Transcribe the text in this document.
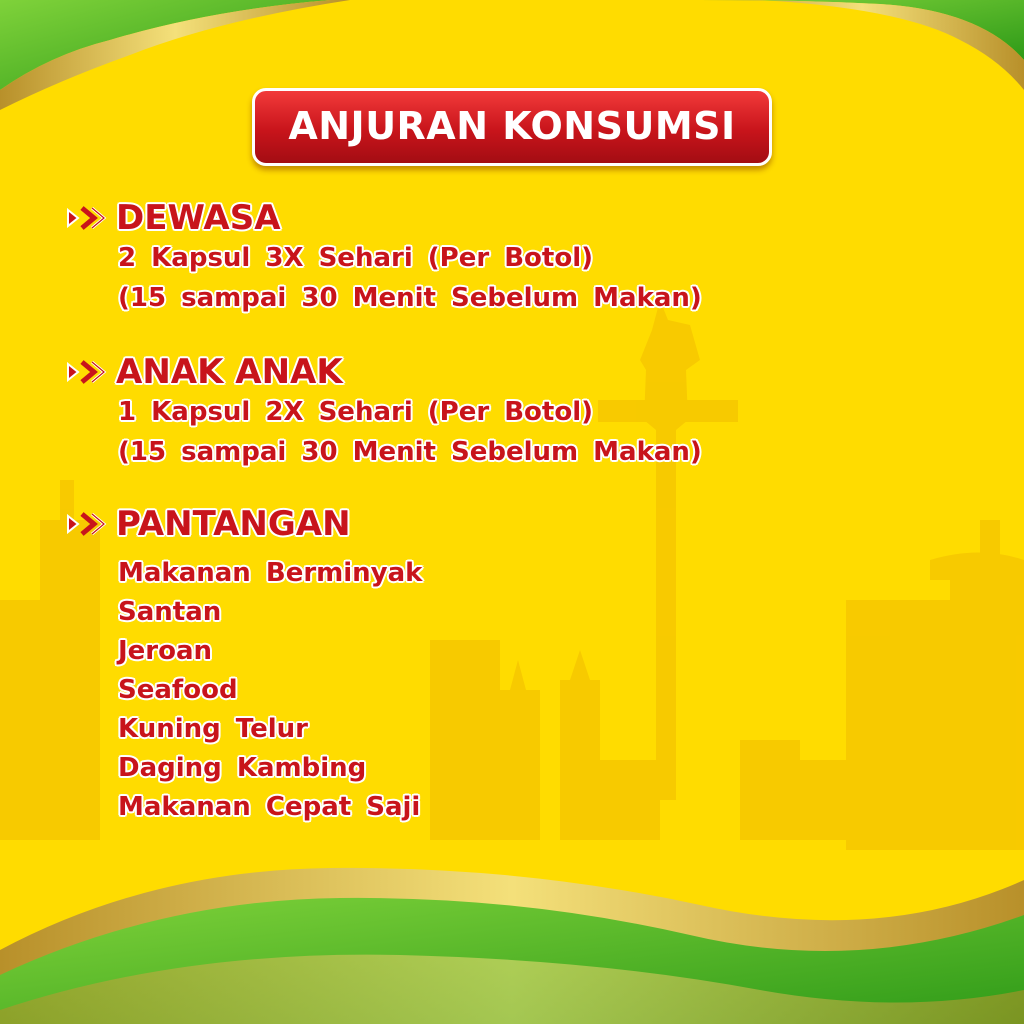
ANJURAN KONSUMSI
DEWASA
2 Kapsul 3X Sehari (Per Botol)
(15 sampai 30 Menit Sebelum Makan)
ANAK ANAK
1 Kapsul 2X Sehari (Per Botol)
(15 sampai 30 Menit Sebelum Makan)
PANTANGAN
Makanan Berminyak
Santan
Jeroan
Seafood
Kuning Telur
Daging Kambing
Makanan Cepat Saji
